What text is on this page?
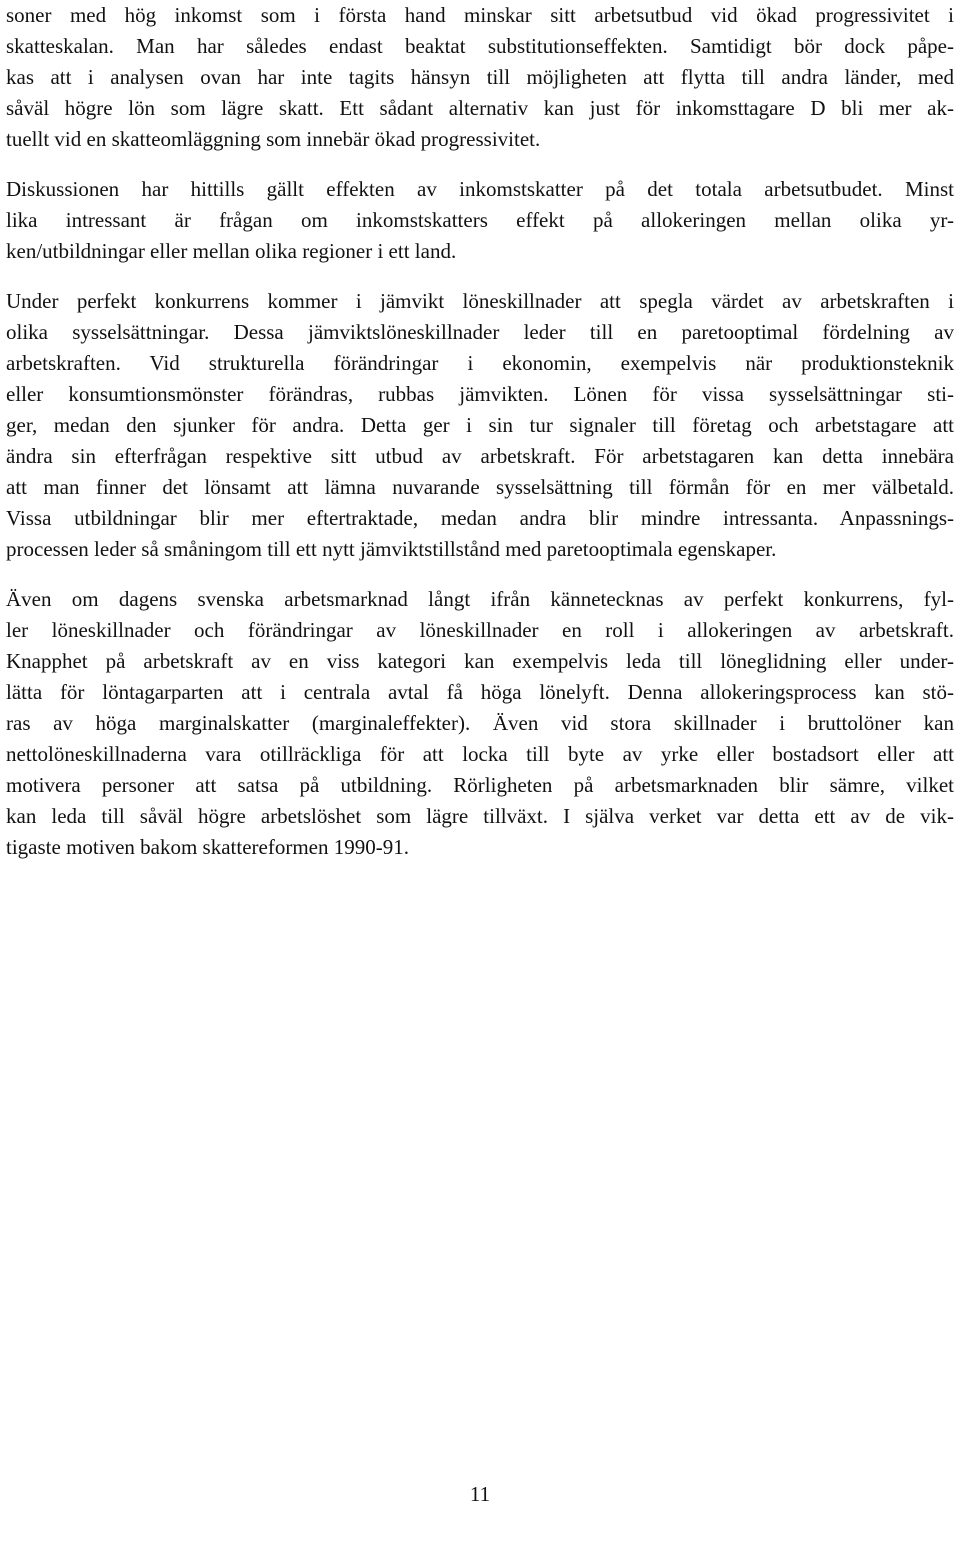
soner med hög inkomst som i första hand minskar sitt arbetsutbud vid ökad progressivitet i
skatteskalan. Man har således endast beaktat substitutionseffekten. Samtidigt bör dock påpe-
kas att i analysen ovan har inte tagits hänsyn till möjligheten att flytta till andra länder, med
såväl högre lön som lägre skatt. Ett sådant alternativ kan just för inkomsttagare D bli mer ak-
tuellt vid en skatteomläggning som innebär ökad progressivitet.

Diskussionen har hittills gällt effekten av inkomstskatter på det totala arbetsutbudet. Minst
lika intressant är frågan om inkomstskatters effekt på allokeringen mellan olika yr-
ken/utbildningar eller mellan olika regioner i ett land.

Under perfekt konkurrens kommer i jämvikt löneskillnader att spegla värdet av arbetskraften i
olika sysselsättningar. Dessa jämviktslöneskillnader leder till en paretooptimal fördelning av
arbetskraften. Vid strukturella förändringar i ekonomin, exempelvis när produktionsteknik
eller konsumtionsmönster förändras, rubbas jämvikten. Lönen för vissa sysselsättningar sti-
ger, medan den sjunker för andra. Detta ger i sin tur signaler till företag och arbetstagare att
ändra sin efterfrågan respektive sitt utbud av arbetskraft. För arbetstagaren kan detta innebära
att man finner det lönsamt att lämna nuvarande sysselsättning till förmån för en mer välbetald.
Vissa utbildningar blir mer eftertraktade, medan andra blir mindre intressanta. Anpassnings-
processen leder så småningom till ett nytt jämviktstillstånd med paretooptimala egenskaper.

Även om dagens svenska arbetsmarknad långt ifrån kännetecknas av perfekt konkurrens, fyl-
ler löneskillnader och förändringar av löneskillnader en roll i allokeringen av arbetskraft.
Knapphet på arbetskraft av en viss kategori kan exempelvis leda till löneglidning eller under-
lätta för löntagarparten att i centrala avtal få höga lönelyft. Denna allokeringsprocess kan stö-
ras av höga marginalskatter (marginaleffekter). Även vid stora skillnader i bruttolöner kan
nettolöneskillnaderna vara otillräckliga för att locka till byte av yrke eller bostadsort eller att
motivera personer att satsa på utbildning. Rörligheten på arbetsmarknaden blir sämre, vilket
kan leda till såväl högre arbetslöshet som lägre tillväxt. I själva verket var detta ett av de vik-
tigaste motiven bakom skattereformen 1990-91.

11
